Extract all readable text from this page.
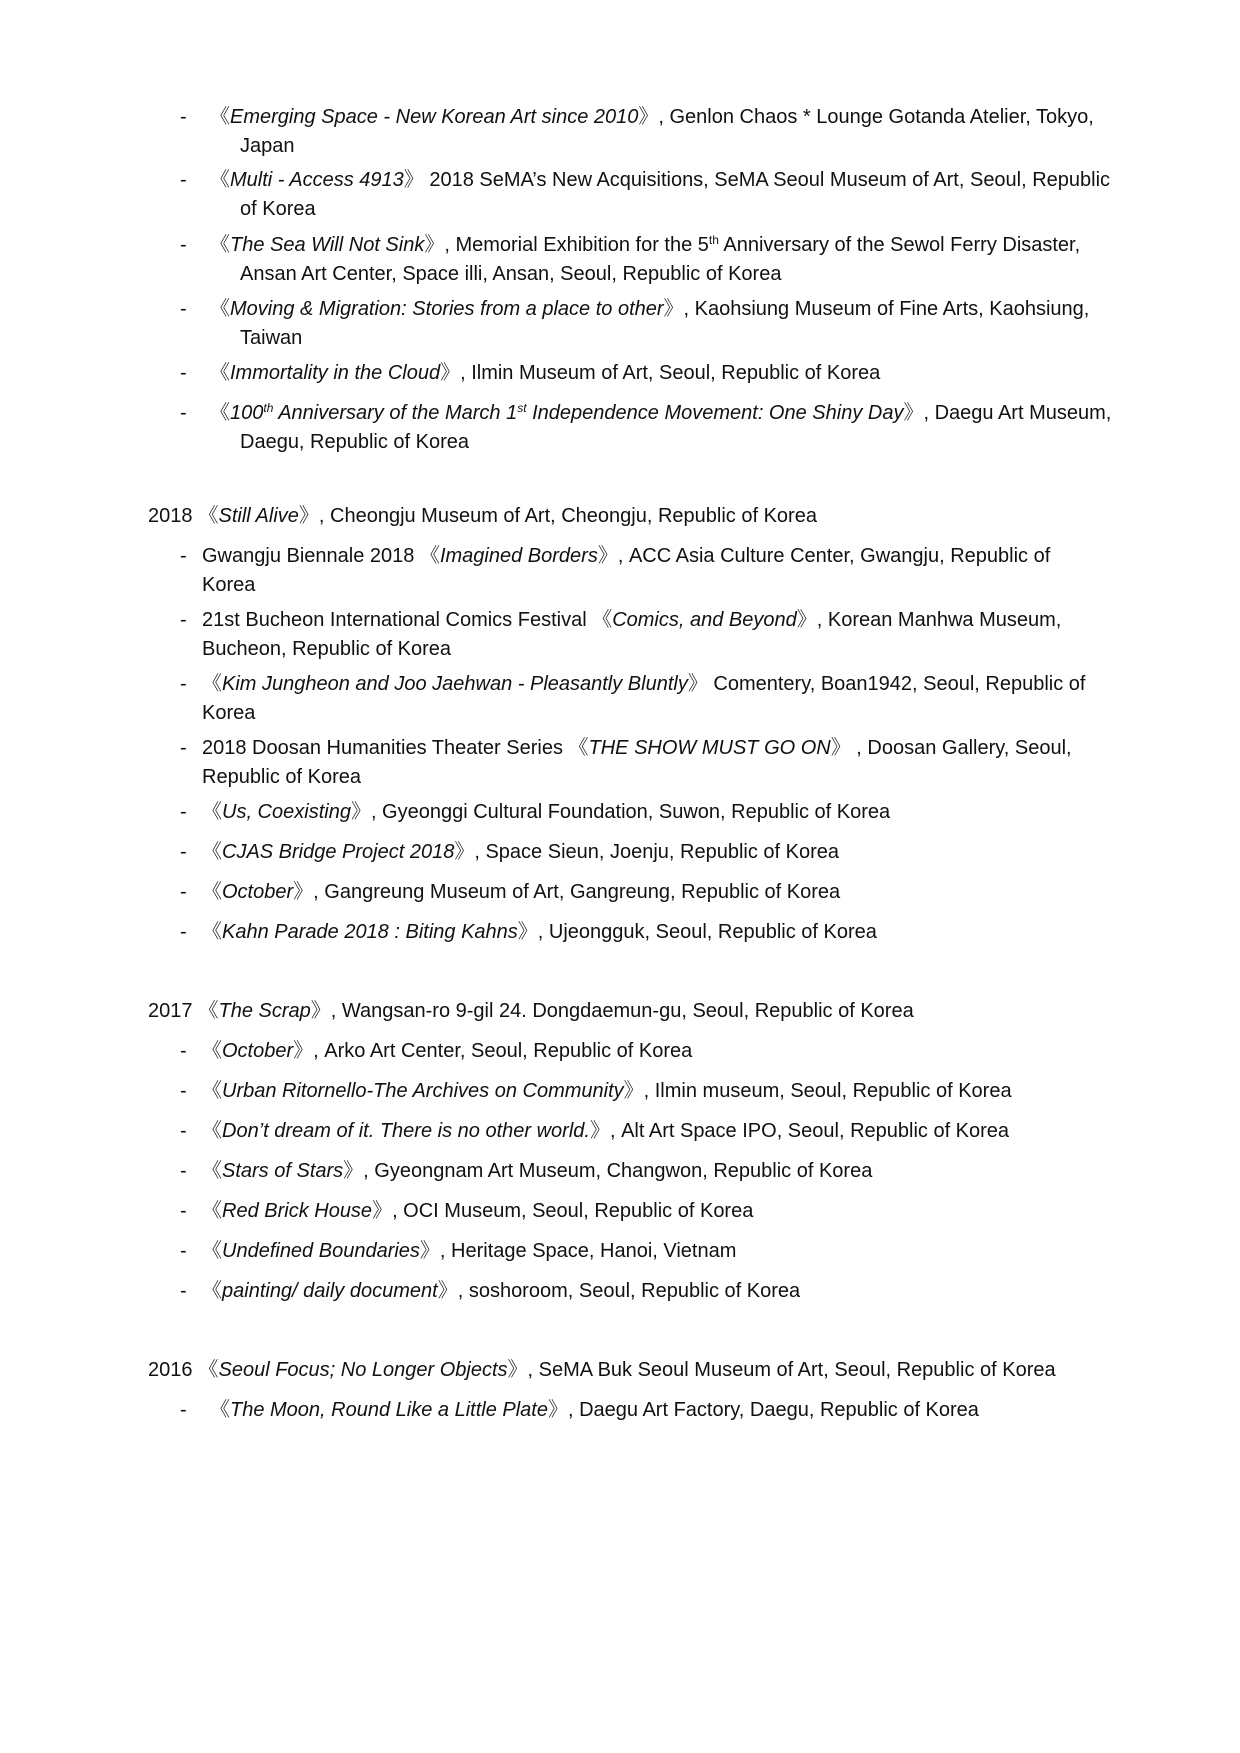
- 《Emerging Space - New Korean Art since 2010》, Genlon Chaos * Lounge Gotanda Atelier, Tokyo,
Japan
- 《Multi - Access 4913》 2018 SeMA’s New Acquisitions, SeMA Seoul Museum of Art, Seoul, Republic
of Korea
- 《The Sea Will Not Sink》, Memorial Exhibition for the 5th Anniversary of the Sewol Ferry Disaster,
Ansan Art Center, Space illi, Ansan, Seoul, Republic of Korea
- 《Moving & Migration: Stories from a place to other》, Kaohsiung Museum of Fine Arts, Kaohsiung,
Taiwan
- 《Immortality in the Cloud》, Ilmin Museum of Art, Seoul, Republic of Korea
- 《100th Anniversary of the March 1st Independence Movement: One Shiny Day》, Daegu Art Museum,
Daegu, Republic of Korea
2018 《Still Alive》, Cheongju Museum of Art, Cheongju, Republic of Korea
- Gwangju Biennale 2018 《Imagined Borders》, ACC Asia Culture Center, Gwangju, Republic of
Korea
- 21st Bucheon International Comics Festival 《Comics, and Beyond》, Korean Manhwa Museum,
Bucheon, Republic of Korea
- 《Kim Jungheon and Joo Jaehwan - Pleasantly Bluntly》 Comentery, Boan1942, Seoul, Republic of
Korea
- 2018 Doosan Humanities Theater Series 《THE SHOW MUST GO ON》 , Doosan Gallery, Seoul,
Republic of Korea
- 《Us, Coexisting》, Gyeonggi Cultural Foundation, Suwon, Republic of Korea
- 《CJAS Bridge Project 2018》, Space Sieun, Joenju, Republic of Korea
- 《October》, Gangreung Museum of Art, Gangreung, Republic of Korea
- 《Kahn Parade 2018 : Biting Kahns》, Ujeongguk, Seoul, Republic of Korea
2017 《The Scrap》, Wangsan-ro 9-gil 24. Dongdaemun-gu, Seoul, Republic of Korea
- 《October》, Arko Art Center, Seoul, Republic of Korea
- 《Urban Ritornello-The Archives on Community》, Ilmin museum, Seoul, Republic of Korea
- 《Don’t dream of it. There is no other world.》, Alt Art Space IPO, Seoul, Republic of Korea
- 《Stars of Stars》, Gyeongnam Art Museum, Changwon, Republic of Korea
- 《Red Brick House》, OCI Museum, Seoul, Republic of Korea
- 《Undefined Boundaries》, Heritage Space, Hanoi, Vietnam
- 《painting/ daily document》, soshoroom, Seoul, Republic of Korea
2016 《Seoul Focus; No Longer Objects》, SeMA Buk Seoul Museum of Art, Seoul, Republic of Korea
- 《The Moon, Round Like a Little Plate》, Daegu Art Factory, Daegu, Republic of Korea
